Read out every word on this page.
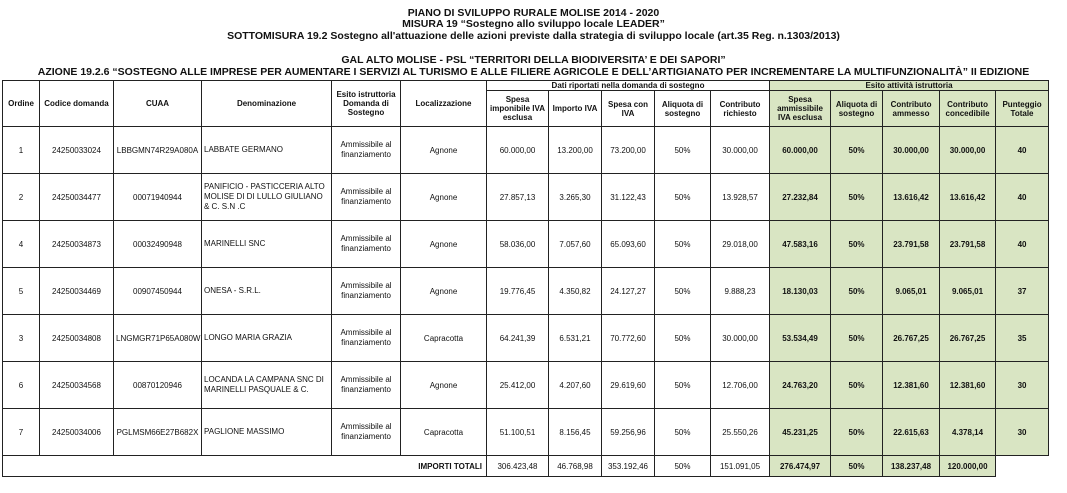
PIANO DI SVILUPPO RURALE MOLISE 2014 - 2020
MISURA 19 “Sostegno allo sviluppo locale LEADER”
SOTTOMISURA 19.2 Sostegno all'attuazione delle azioni previste dalla strategia di sviluppo locale (art.35 Reg. n.1303/2013)
GAL ALTO MOLISE - PSL “TERRITORI DELLA BIODIVERSITA’ E DEI SAPORI”
AZIONE 19.2.6 “SOSTEGNO ALLE IMPRESE PER AUMENTARE I SERVIZI AL TURISMO E ALLE FILIERE AGRICOLE E DELL’ARTIGIANATO PER INCREMENTARE LA MULTIFUNZIONALITÀ” II EDIZIONE
Ordine	Codice domanda	CUAA	Denominazione	Esito istruttoria Domanda di Sostegno	Localizzazione	Dati riportati nella domanda di sostegno					Esito attività istruttoria					
						Spesa imponibile IVA esclusa	Importo IVA	Spesa con IVA	Aliquota di sostegno	Contributo richiesto	Spesa ammissibile IVA esclusa	Aliquota di sostegno	Contributo ammesso	Contributo concedibile	Punteggio Totale	
1	24250033024	LBBGMN74R29A080A	LABBATE GERMANO	Ammissibile al finanziamento	Agnone	60.000,00	13.200,00	73.200,00	50%	30.000,00	60.000,00	50%	30.000,00	30.000,00	40	
2	24250034477	00071940944	PANIFICIO - PASTICCERIA ALTO MOLISE DI DI LULLO GIULIANO & C. S.N .C	Ammissibile al finanziamento	Agnone	27.857,13	3.265,30	31.122,43	50%	13.928,57	27.232,84	50%	13.616,42	13.616,42	40	
4	24250034873	00032490948	MARINELLI SNC	Ammissibile al finanziamento	Agnone	58.036,00	7.057,60	65.093,60	50%	29.018,00	47.583,16	50%	23.791,58	23.791,58	40	
5	24250034469	00907450944	ONESA - S.R.L.	Ammissibile al finanziamento	Agnone	19.776,45	4.350,82	24.127,27	50%	9.888,23	18.130,03	50%	9.065,01	9.065,01	37	
3	24250034808	LNGMGR71P65A080W	LONGO MARIA GRAZIA	Ammissibile al finanziamento	Capracotta	64.241,39	6.531,21	70.772,60	50%	30.000,00	53.534,49	50%	26.767,25	26.767,25	35	
6	24250034568	00870120946	LOCANDA LA CAMPANA SNC DI MARINELLI PASQUALE & C.	Ammissibile al finanziamento	Agnone	25.412,00	4.207,60	29.619,60	50%	12.706,00	24.763,20	50%	12.381,60	12.381,60	30	
7	24250034006	PGLMSM66E27B682X	PAGLIONE MASSIMO	Ammissibile al finanziamento	Capracotta	51.100,51	8.156,45	59.256,96	50%	25.550,26	45.231,25	50%	22.615,63	4.378,14	30	
IMPORTI TOTALI						306.423,48	46.768,98	353.192,46	50%	151.091,05	276.474,97	50%	138.237,48	120.000,00		
